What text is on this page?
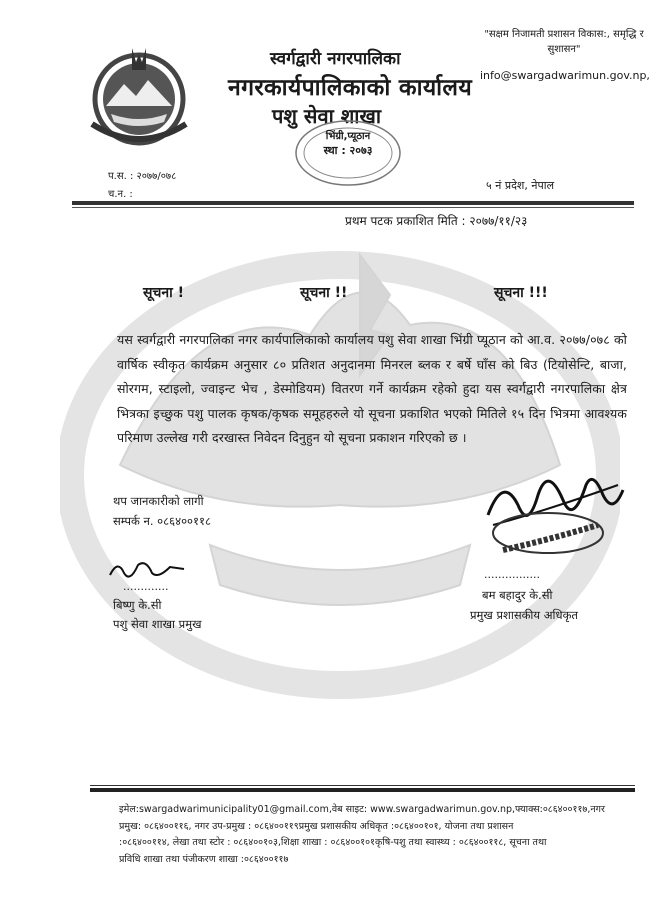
स्वर्गद्वारी नगरपालिका
नगरकार्यपालिकाको कार्यालय
पशु सेवा शाखा
"सक्षम निजामती प्रशासन विकास:, समृद्धि र सुशासन"
info@swargadwarimun.gov.np,
भिंग्री,प्यूठान
स्था : २०७३
प.स. : २०७७/०७८
च.न. :
५ नं प्रदेश, नेपाल
प्रथम पटक प्रकाशित मिति : २०७७/११/२३
सूचना !	सूचना !!	सूचना !!!
यस स्वर्गद्वारी नगरपालिका नगर कार्यपालिकाको कार्यालय पशु सेवा शाखा भिंग्री प्यूठान को आ.व. २०७७/०७८ को वार्षिक स्वीकृत कार्यक्रम अनुसार ८० प्रतिशत अनुदानमा मिनरल ब्लक र बर्षे घाँस को बिउ (टियोसेन्टि, बाजा, सोरगम, स्टाइलो, ज्वाइन्ट भेच , डेस्मोडियम) वितरण गर्ने कार्यक्रम रहेको हुदा यस स्वर्गद्वारी नगरपालिका क्षेत्र भित्रका इच्छुक पशु पालक कृषक/कृषक समूहहरुले यो सूचना प्रकाशित भएको मितिले १५ दिन भित्रमा आवश्यक परिमाण उल्लेख गरी दरखास्त निवेदन दिनुहुन यो सूचना प्रकाशन गरिएको छ ।
थप जानकारीको लागी
सम्पर्क न. ०८६४००११८
.............
................
बिष्णु के.सी
पशु सेवा शाखा प्रमुख
बम बहादुर के.सी
प्रमुख प्रशासकीय अधिकृत
इमेल:swargadwarimunicipality01@gmail.com,वेब साइट: www.swargadwarimun.gov.np,फ्याक्स:०८६४००११७,नगर
प्रमुख: ०८६४००११६, नगर उप-प्रमुख : ०८६४००११९प्रमुख प्रशासकीय अधिकृत :०८६४००१०१, योजना तथा प्रशासन
:०८६४००११४, लेखा तथा स्टोर : ०८६४००१०३,शिक्षा शाखा : ०८६४००१०१कृषि-पशु तथा स्वास्थ्य : ०८६४००११८, सूचना तथा
प्रविधि शाखा तथा पंजीकरण शाखा :०८६४००११७
